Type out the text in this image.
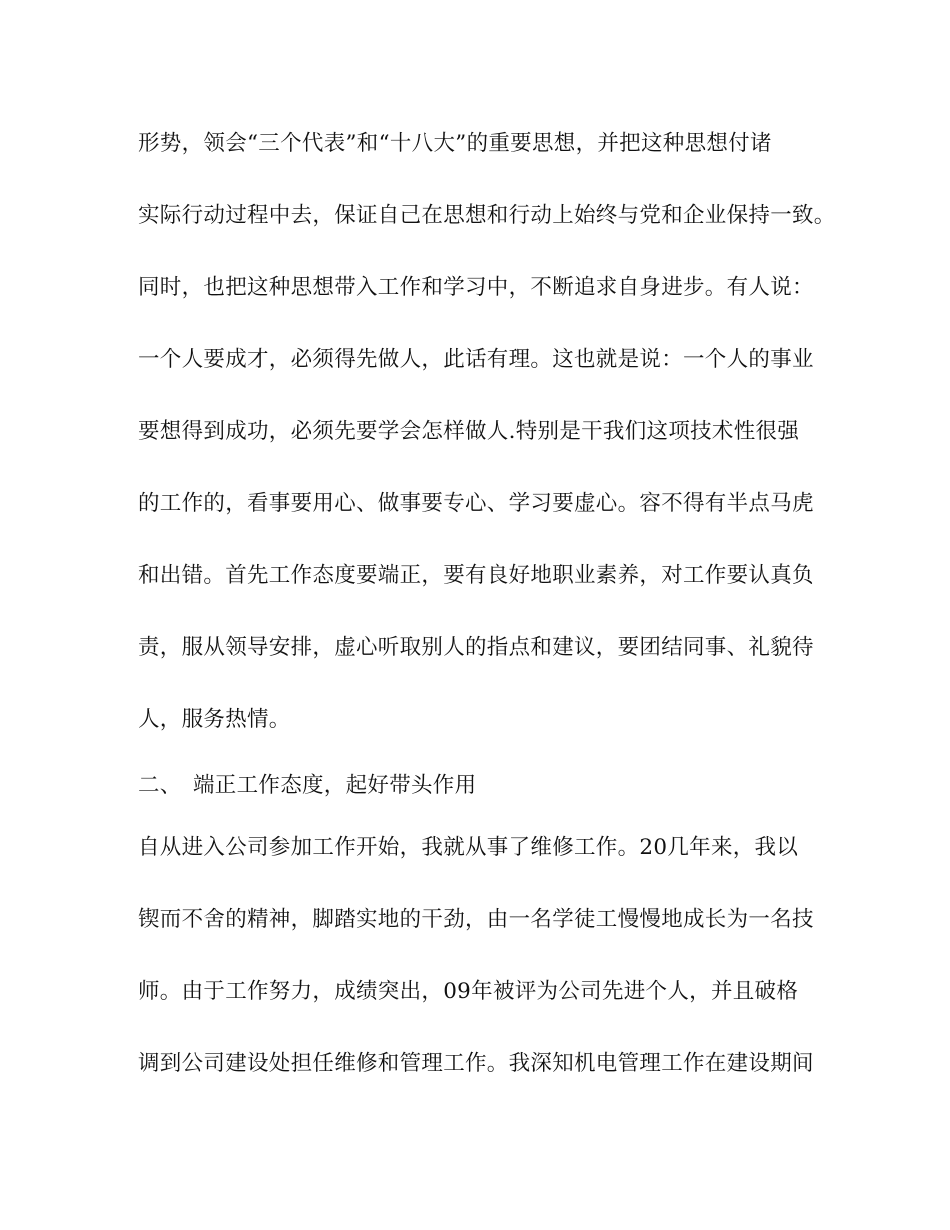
形势，领会“三个代表”和“十八大”的重要思想，并把这种思想付诸
实际行动过程中去，保证自己在思想和行动上始终与党和企业保持一致。
同时，也把这种思想带入工作和学习中，不断追求自身进步。有人说：
一个人要成才，必须得先做人，此话有理。这也就是说：一个人的事业
要想得到成功，必须先要学会怎样做人.特别是干我们这项技术性很强
的工作的，看事要用心、做事要专心、学习要虚心。容不得有半点马虎
和出错。首先工作态度要端正，要有良好地职业素养，对工作要认真负
责，服从领导安排，虚心听取别人的指点和建议，要团结同事、礼貌待
人，服务热情。
二、 端正工作态度，起好带头作用
自从进入公司参加工作开始，我就从事了维修工作。20几年来，我以
锲而不舍的精神，脚踏实地的干劲，由一名学徒工慢慢地成长为一名技
师。由于工作努力，成绩突出，09年被评为公司先进个人，并且破格
调到公司建设处担任维修和管理工作。我深知机电管理工作在建设期间
